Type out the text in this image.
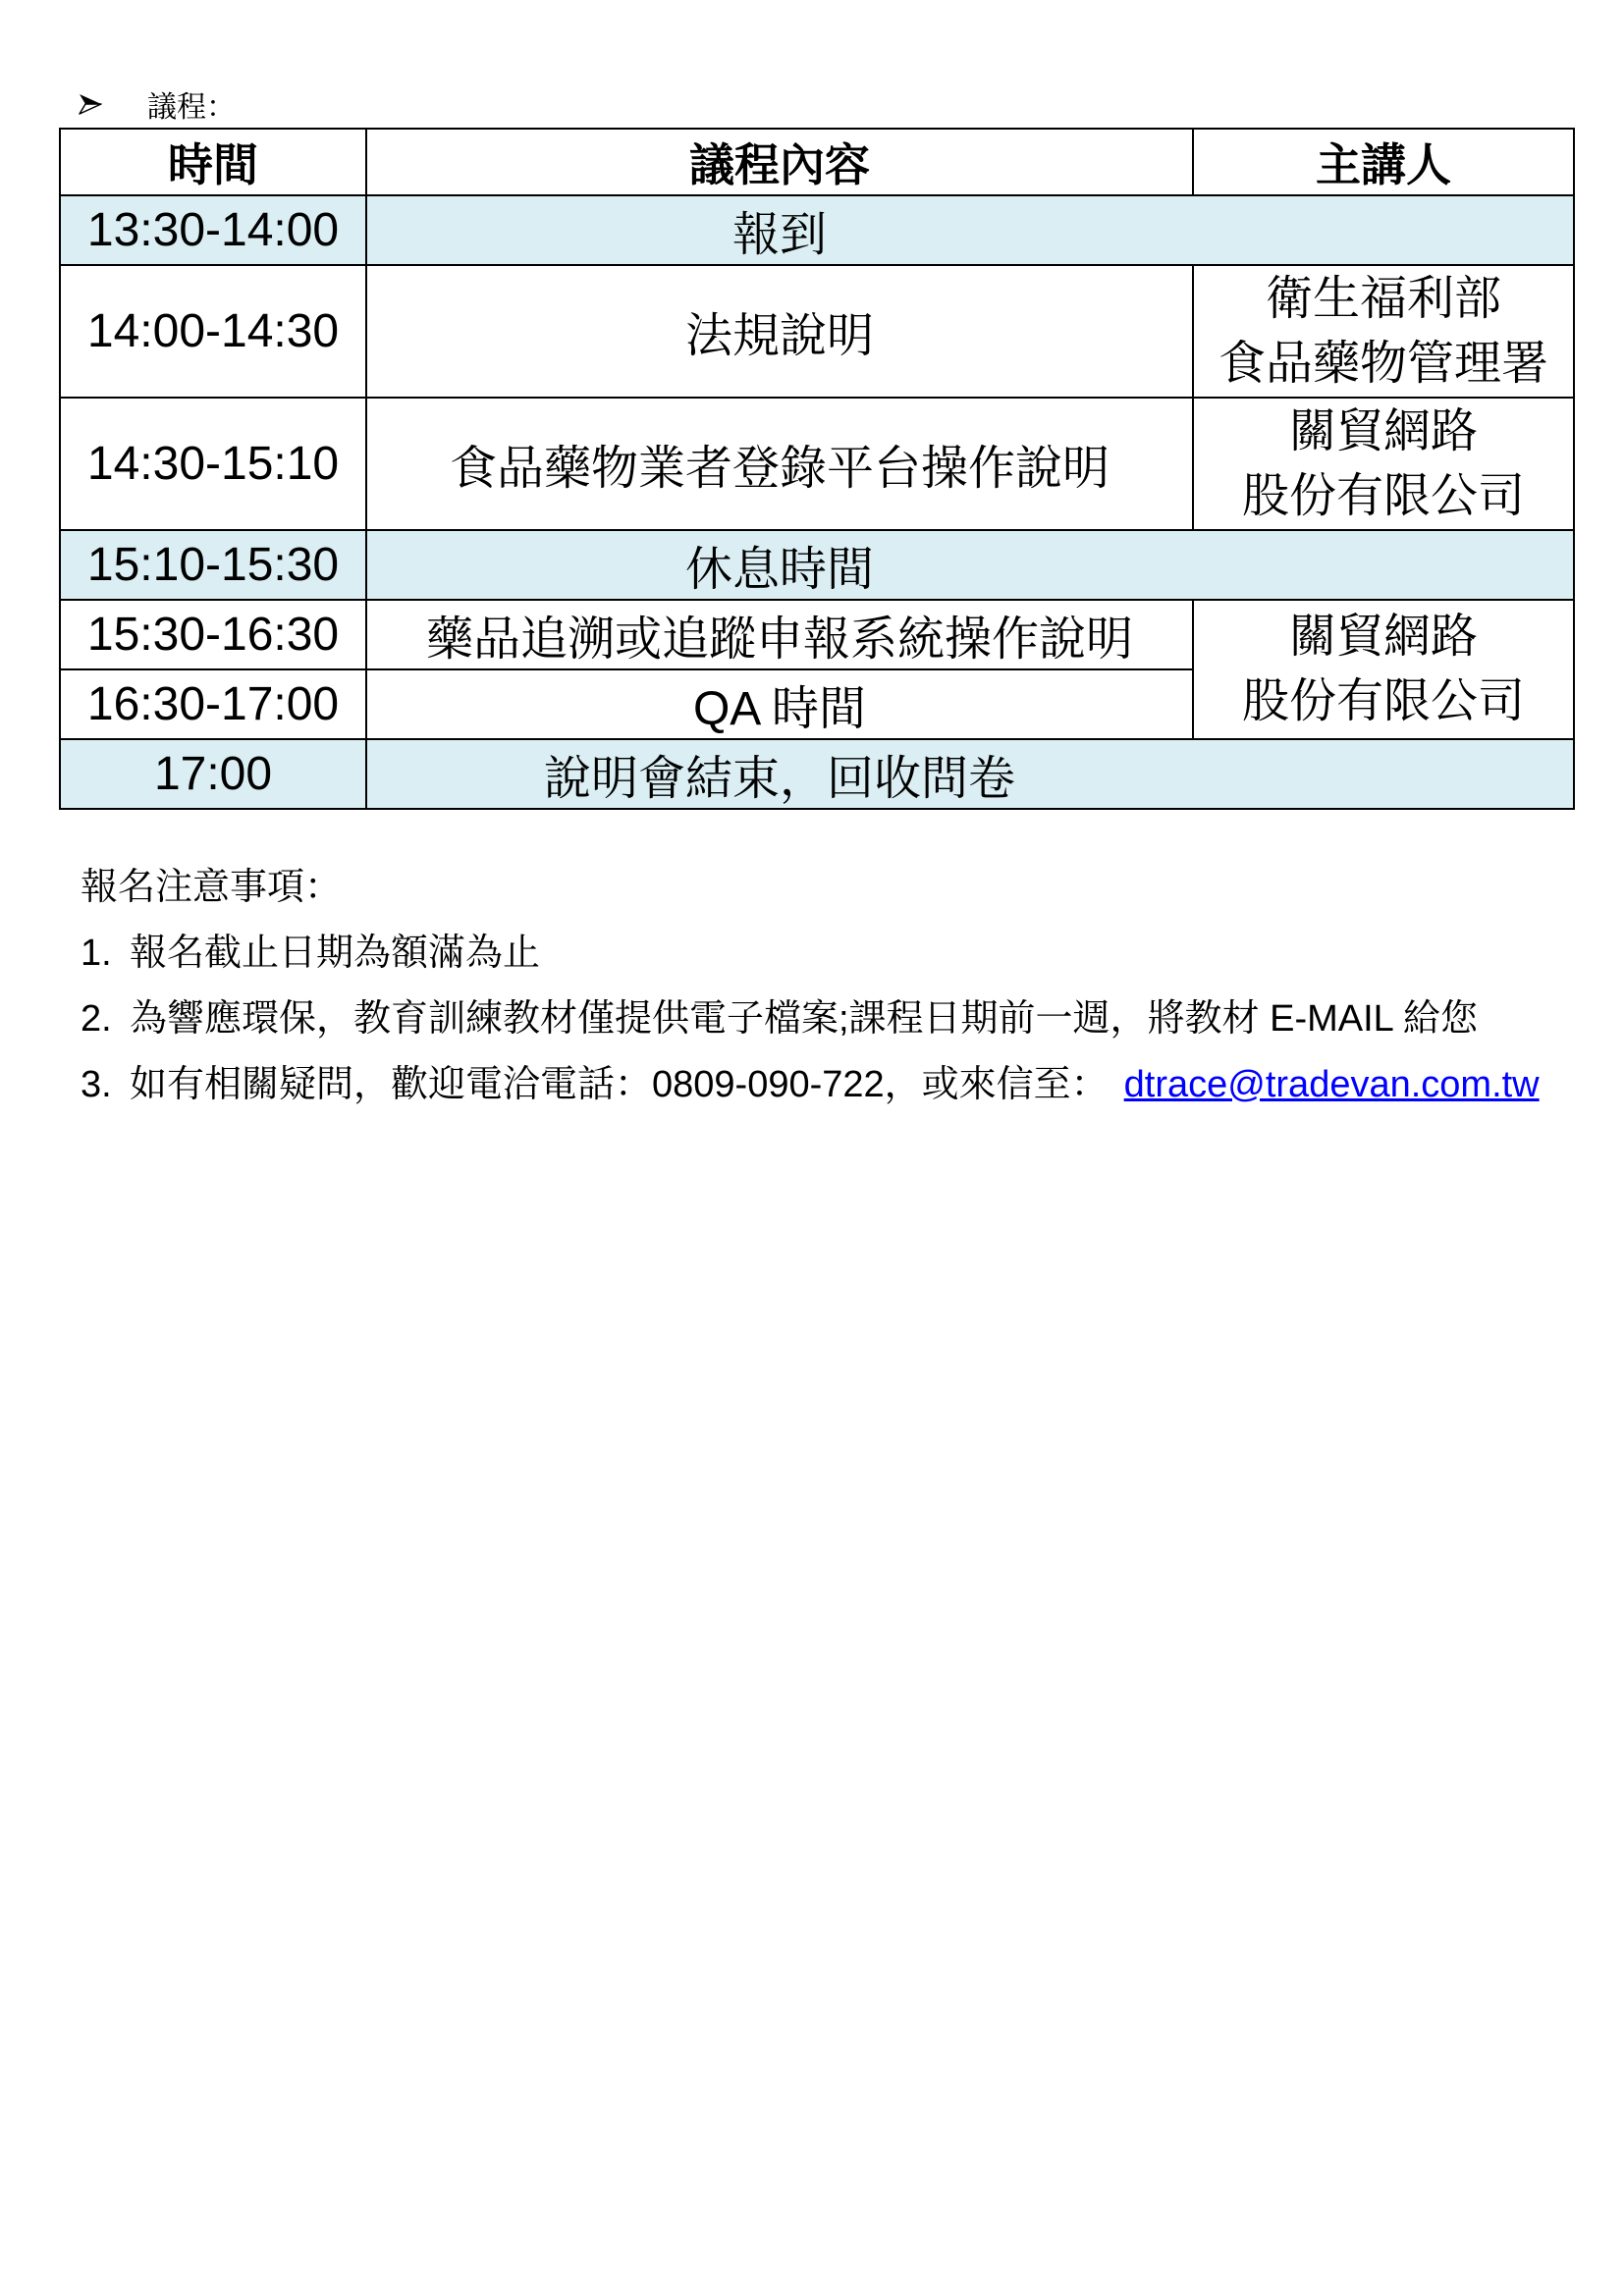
議程：
時間	議程內容	主講人
13:30-14:00	報到	
14:00-14:30	法規說明	衛生福利部
食品藥物管理署

14:30-15:10	食品藥物業者登錄平台操作說明	關貿網路
股份有限公司

15:10-15:30	休息時間	
15:30-16:30	藥品追溯或追蹤申報系統操作說明	關貿網路
股份有限公司

16:30-17:00	QA 時間	
17:00	說明會結束，回收問卷	
報名注意事項：
1. 報名截止日期為額滿為止
2. 為響應環保，教育訓練教材僅提供電子檔案;課程日期前一週，將教材 E-MAIL 給您
3. 如有相關疑問，歡迎電洽電話：0809-090-722，或來信至： dtrace@tradevan.com.tw
